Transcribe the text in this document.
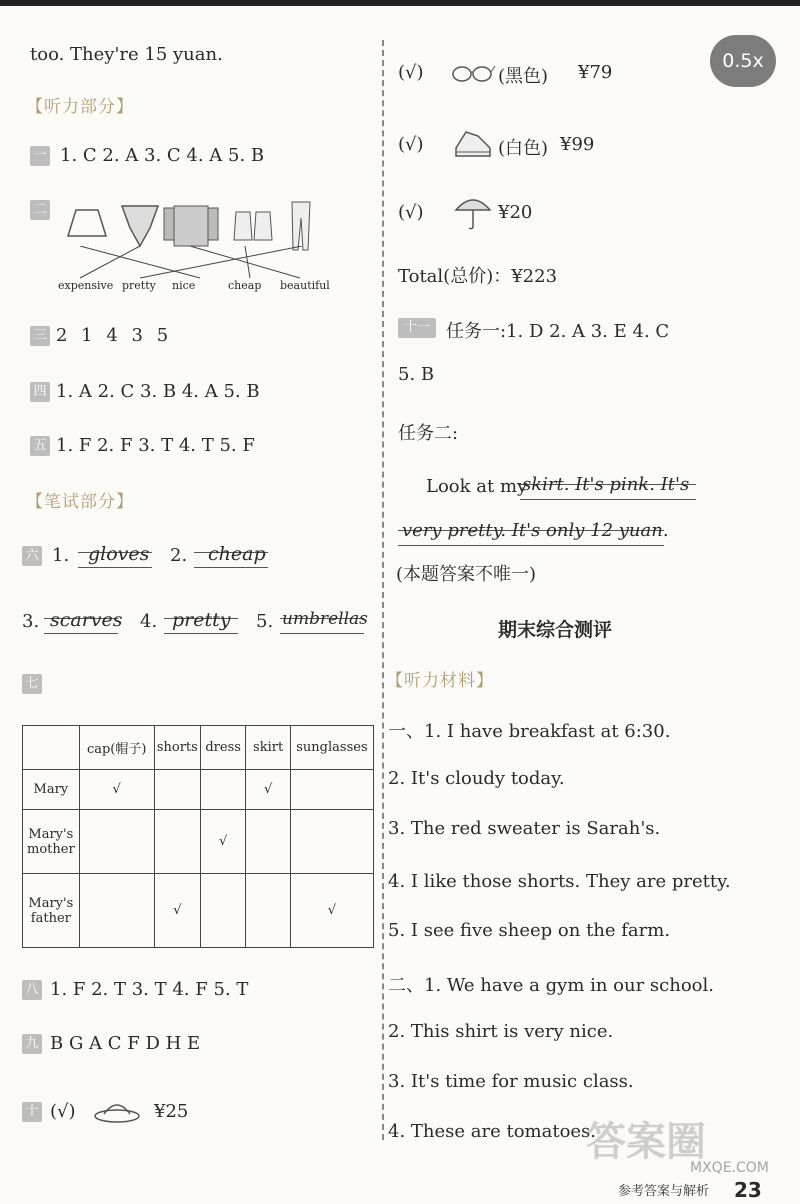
0.5x
too. They're 15 yuan.
【听力部分】
一 1. C 2. A 3. C 4. A 5. B
二
expensive pretty nice	cheap beautiful
三 2 1 4 3 5
四 1. A 2. C 3. B 4. A 5. B
五 1. F 2. F 3. T 4. T 5. F
【笔试部分】
六 1. gloves 2. cheap
3. scarves 4. pretty 5. umbrellas
七
	cap(帽子)	shorts	dress	skirt	sunglasses
Mary	√			√	
Mary's mother			√		
Mary's father		√			√
八 1. F 2. T 3. T 4. F 5. T
九 B G A C F D H E
十 (√)	¥25
(√)	(黑色) ¥79
(√)	(白色) ¥99
(√)	¥20
Total(总价)：¥223
十一 任务一:1. D 2. A 3. E 4. C
5. B
任务二:
Look at my
skirt. It's pink. It's
very pretty. It's only 12 yuan.
(本题答案不唯一)
期末综合测评
【听力材料】
一、1. I have breakfast at 6:30.
2. It's cloudy today.
3. The red sweater is Sarah's.
4. I like those shorts. They are pretty.
5. I see five sheep on the farm.
二、1. We have a gym in our school.
2. This shirt is very nice.
3. It's time for music class.
4. These are tomatoes.
答案圈
参考答案与解析 23
MXQE.COM
